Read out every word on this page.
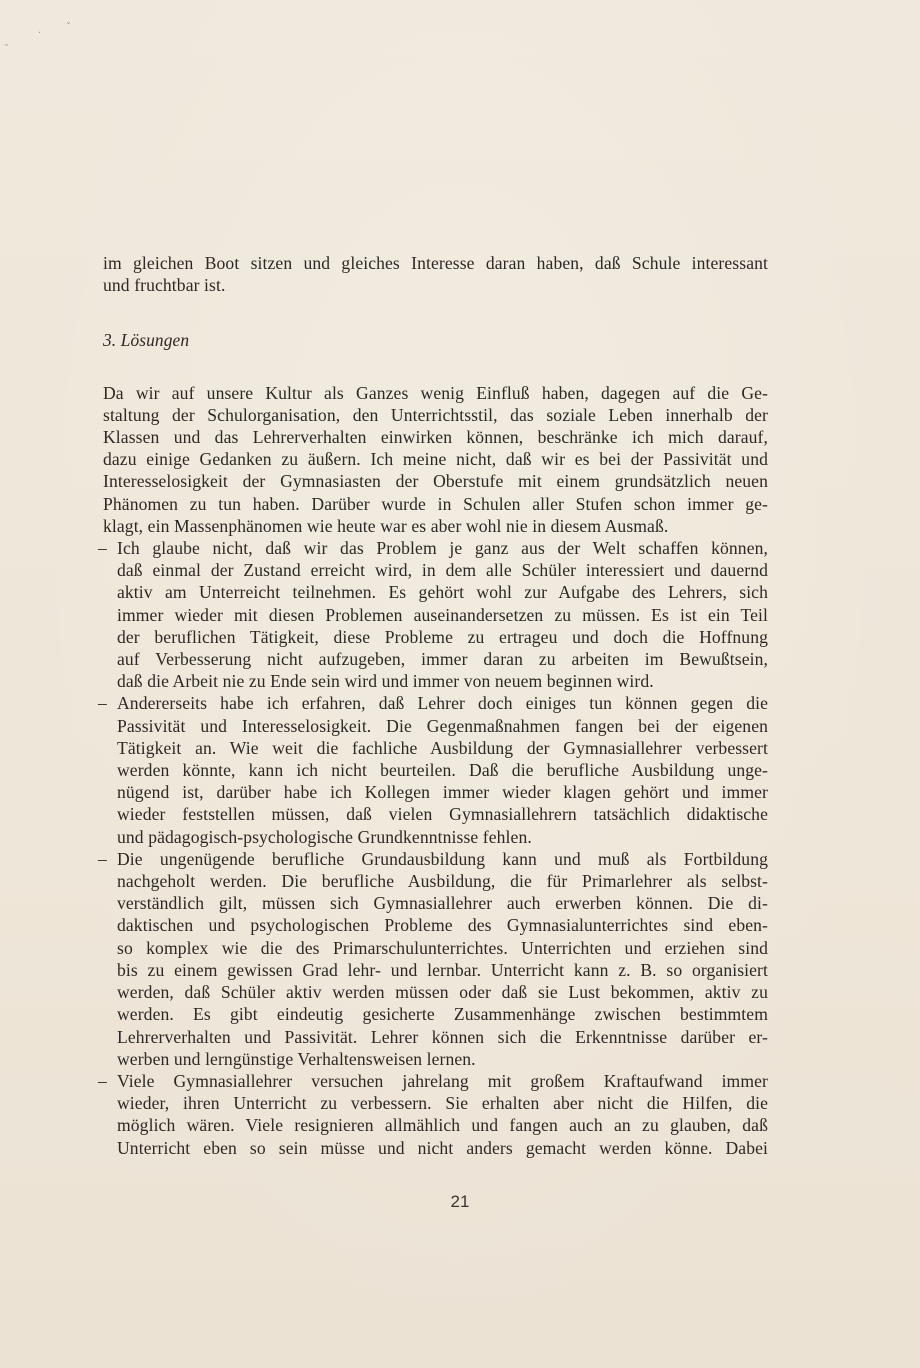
˘
·
ˇ

im gleichen Boot sitzen und gleiches Interesse daran haben, daß Schule interessant
und fruchtbar ist.

3. Lösungen

Da wir auf unsere Kultur als Ganzes wenig Einfluß haben, dagegen auf die Ge-
staltung der Schulorganisation, den Unterrichtsstil, das soziale Leben innerhalb der
Klassen und das Lehrerverhalten einwirken können, beschränke ich mich darauf,
dazu einige Gedanken zu äußern. Ich meine nicht, daß wir es bei der Passivität und
Interesselosigkeit der Gymnasiasten der Oberstufe mit einem grundsätzlich neuen
Phänomen zu tun haben. Darüber wurde in Schulen aller Stufen schon immer ge-
klagt, ein Massenphänomen wie heute war es aber wohl nie in diesem Ausmaß.

– Ich glaube nicht, daß wir das Problem je ganz aus der Welt schaffen können,
daß einmal der Zustand erreicht wird, in dem alle Schüler interessiert und dauernd
aktiv am Unterreicht teilnehmen. Es gehört wohl zur Aufgabe des Lehrers, sich
immer wieder mit diesen Problemen auseinandersetzen zu müssen. Es ist ein Teil
der beruflichen Tätigkeit, diese Probleme zu ertrageu und doch die Hoffnung
auf Verbesserung nicht aufzugeben, immer daran zu arbeiten im Bewußtsein,
daß die Arbeit nie zu Ende sein wird und immer von neuem beginnen wird.
– Andererseits habe ich erfahren, daß Lehrer doch einiges tun können gegen die
Passivität und Interesselosigkeit. Die Gegenmaßnahmen fangen bei der eigenen
Tätigkeit an. Wie weit die fachliche Ausbildung der Gymnasiallehrer verbessert
werden könnte, kann ich nicht beurteilen. Daß die berufliche Ausbildung unge-
nügend ist, darüber habe ich Kollegen immer wieder klagen gehört und immer
wieder feststellen müssen, daß vielen Gymnasiallehrern tatsächlich didaktische
und pädagogisch-psychologische Grundkenntnisse fehlen.
– Die ungenügende berufliche Grundausbildung kann und muß als Fortbildung
nachgeholt werden. Die berufliche Ausbildung, die für Primarlehrer als selbst-
verständlich gilt, müssen sich Gymnasiallehrer auch erwerben können. Die di-
daktischen und psychologischen Probleme des Gymnasialunterrichtes sind eben-
so komplex wie die des Primarschulunterrichtes. Unterrichten und erziehen sind
bis zu einem gewissen Grad lehr- und lernbar. Unterricht kann z. B. so organisiert
werden, daß Schüler aktiv werden müssen oder daß sie Lust bekommen, aktiv zu
werden. Es gibt eindeutig gesicherte Zusammenhänge zwischen bestimmtem
Lehrerverhalten und Passivität. Lehrer können sich die Erkenntnisse darüber er-
werben und lerngünstige Verhaltensweisen lernen.
– Viele Gymnasiallehrer versuchen jahrelang mit großem Kraftaufwand immer
wieder, ihren Unterricht zu verbessern. Sie erhalten aber nicht die Hilfen, die
möglich wären. Viele resignieren allmählich und fangen auch an zu glauben, daß
Unterricht eben so sein müsse und nicht anders gemacht werden könne. Dabei
21
